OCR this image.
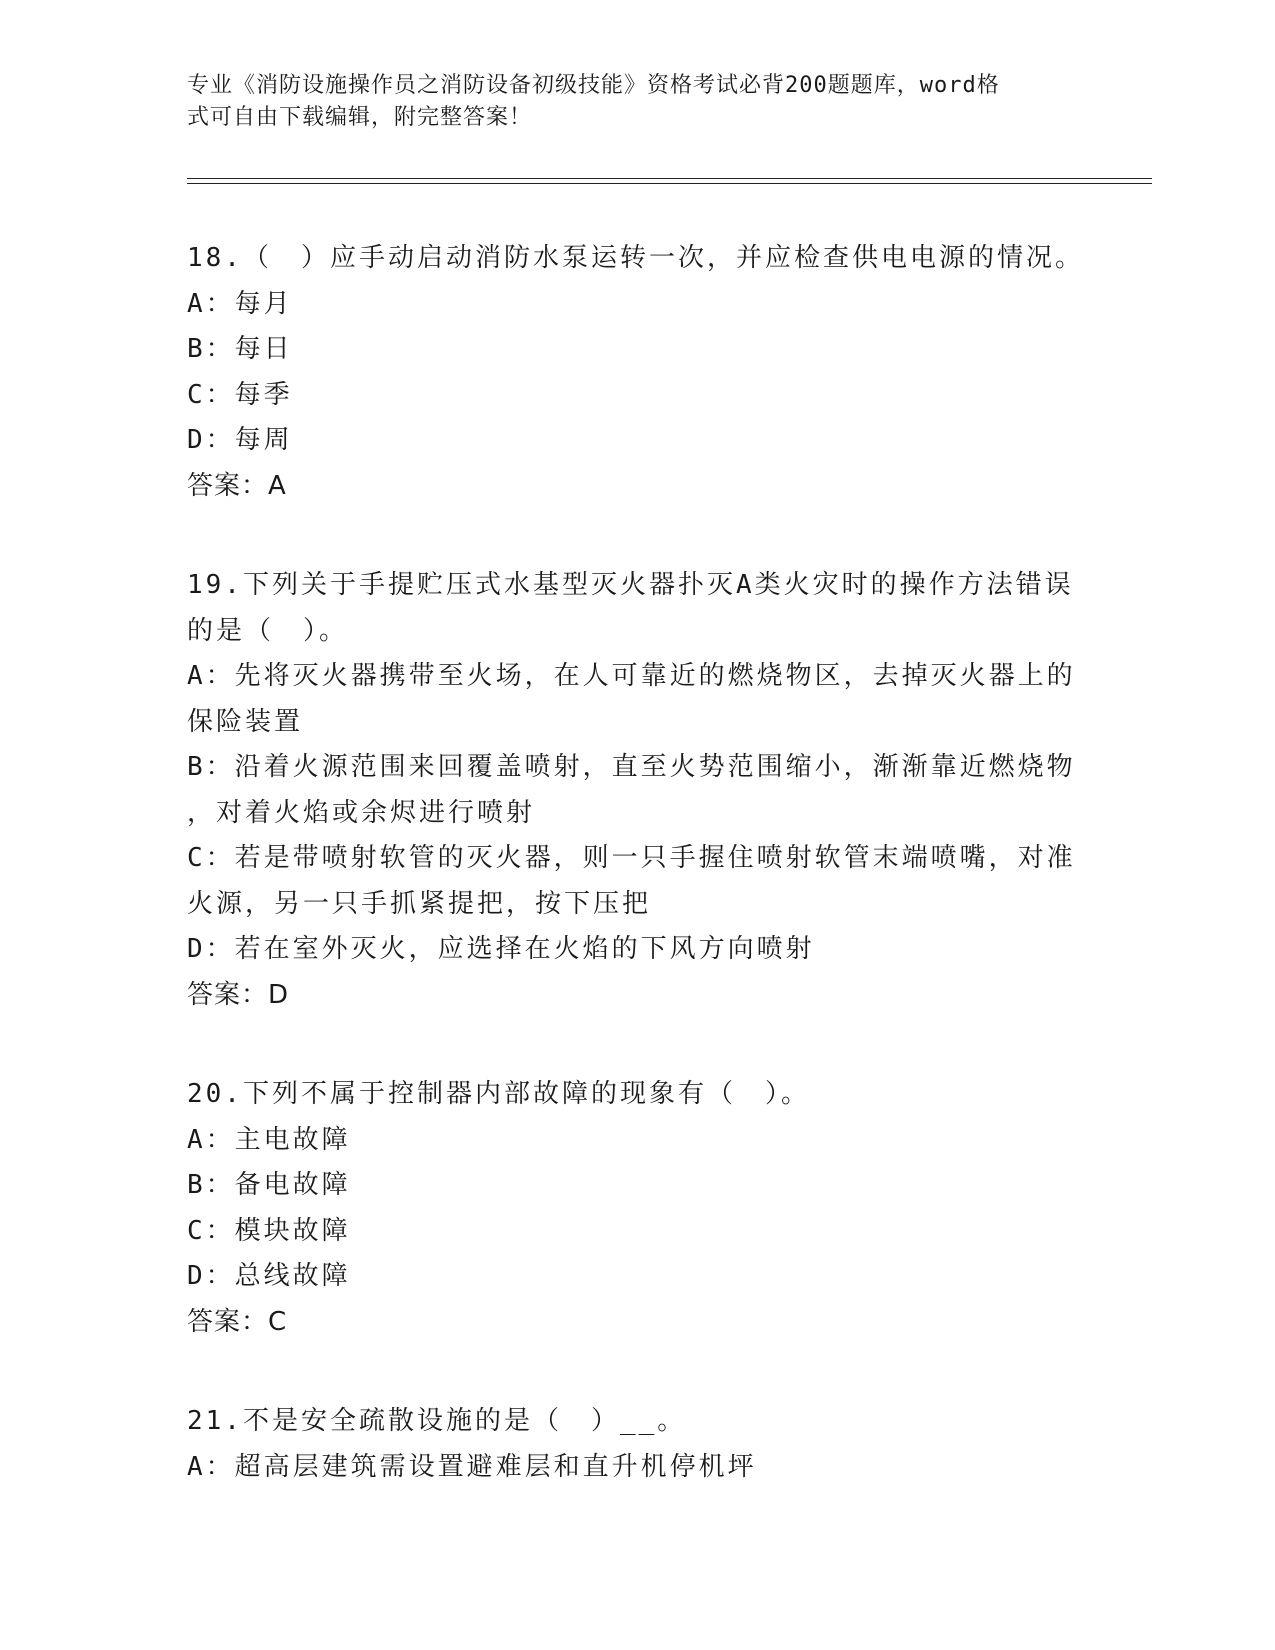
专业《消防设施操作员之消防设备初级技能》资格考试必背200题题库，word格
式可自由下载编辑，附完整答案！
18.（　）应手动启动消防水泵运转一次，并应检查供电电源的情况。
A：每月
B：每日
C：每季
D：每周
答案：A
19.下列关于手提贮压式水基型灭火器扑灭A类火灾时的操作方法错误
的是（　）。
A：先将灭火器携带至火场，在人可靠近的燃烧物区，去掉灭火器上的
保险装置
B：沿着火源范围来回覆盖喷射，直至火势范围缩小，渐渐靠近燃烧物
，对着火焰或余烬进行喷射
C：若是带喷射软管的灭火器，则一只手握住喷射软管末端喷嘴，对准
火源，另一只手抓紧提把，按下压把
D：若在室外灭火，应选择在火焰的下风方向喷射
答案：D
20.下列不属于控制器内部故障的现象有（　）。
A：主电故障
B：备电故障
C：模块故障
D：总线故障
答案：C
21.不是安全疏散设施的是（　）__。
A：超高层建筑需设置避难层和直升机停机坪
